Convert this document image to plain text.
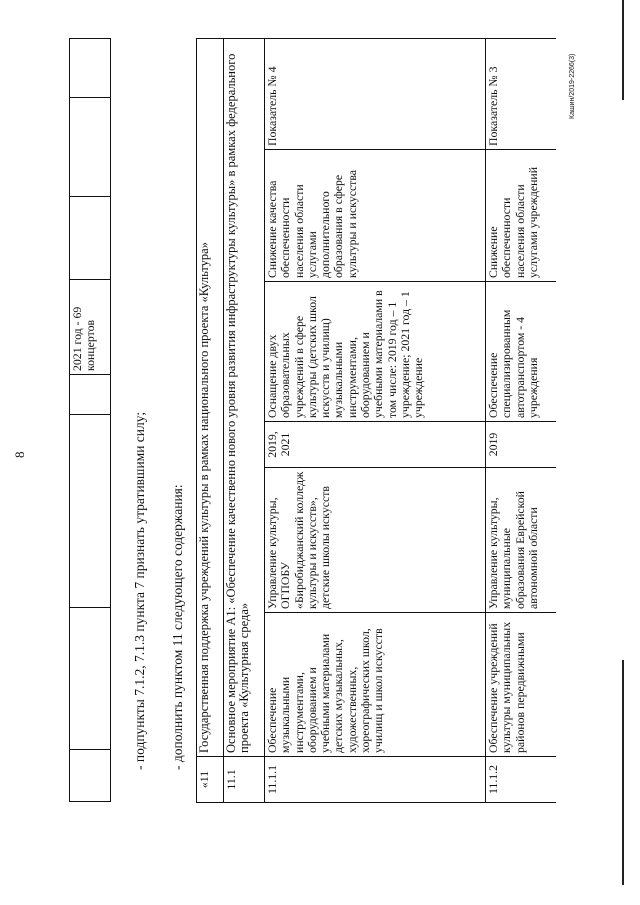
8
				2021 год - 69 концертов			
- подпункты 7.1.2, 7.1.3 пункта 7 признать утратившими силу; - дополнить пунктом 11 следующего содержания:
«11	Государственная поддержка учреждений культуры в рамках национального проекта «Культура»					
11.1	Основное мероприятие А1: «Обеспечение качественно нового уровня развития инфраструктуры культуры» в рамках федерального проекта «Культурная среда»					
11.1.1	Обеспечение музыкальными инструментами, оборудованием и учебными материалами детских музыкальных, художественных, хореографических школ, училищ и школ искусств	Управление культуры, ОГПОБУ «Биробиджанский колледж культуры и искусств», детские школы искусств	2019, 2021	Оснащение двух образовательных учреждений в сфере культуры (детских школ искусств и училищ) музыкальными инструментами, оборудованием и учебными материалами в том числе: 2019 год – 1 учреждение; 2021 год – 1 учреждение	Снижение качества обеспеченности населения области услугами дополнительного образования в сфере культуры и искусства	Показатель № 4
11.1.2	Обеспечение учреждений культуры муниципальных районов передвижными	Управление культуры, муниципальные образования Еврейской автономной области	2019	Обеспечение специализированным автотранспортом - 4 учреждения	Снижение обеспеченности населения области услугами учреждений	Показатель № 3	Кашин/2019-2266(3)
